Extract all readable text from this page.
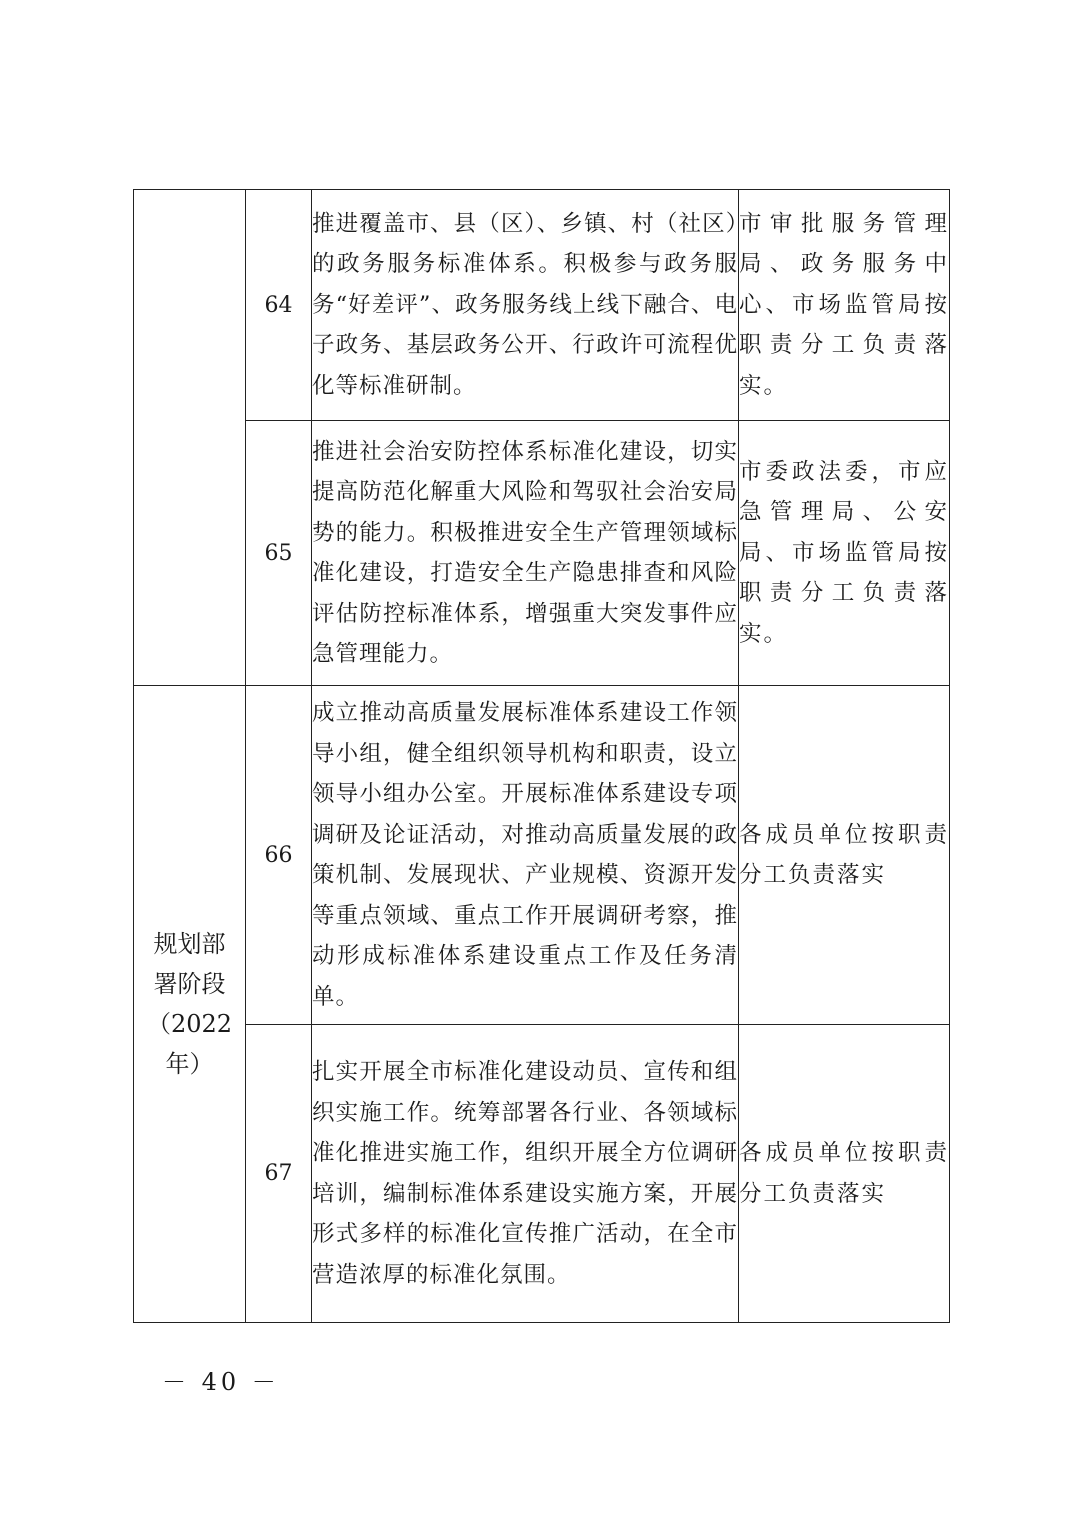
	64	推进覆盖市、县（区）、乡镇、村（社区）的政务服务标准体系。积极参与政务服务“好差评”、政务服务线上线下融合、电子政务、基层政务公开、行政许可流程优化等标准研制。	市审批服务管理局、政务服务中心、市场监管局按职责分工负责落实。
	65	推进社会治安防控体系标准化建设，切实提高防范化解重大风险和驾驭社会治安局势的能力。积极推进安全生产管理领域标准化建设，打造安全生产隐患排查和风险评估防控标准体系，增强重大突发事件应急管理能力。	市委政法委，市应急管理局、公安局、市场监管局按职责分工负责落实。

规划部
署阶段
（2022
年）	66	成立推动高质量发展标准体系建设工作领导小组，健全组织领导机构和职责，设立领导小组办公室。开展标准体系建设专项调研及论证活动，对推动高质量发展的政策机制、发展现状、产业规模、资源开发等重点领域、重点工作开展调研考察，推动形成标准体系建设重点工作及任务清单。	各成员单位按职责分工负责落实
	67	扎实开展全市标准化建设动员、宣传和组织实施工作。统筹部署各行业、各领域标准化推进实施工作，组织开展全方位调研培训，编制标准体系建设实施方案，开展形式多样的标准化宣传推广活动，在全市营造浓厚的标准化氛围。	各成员单位按职责分工负责落实
－ 40 －
